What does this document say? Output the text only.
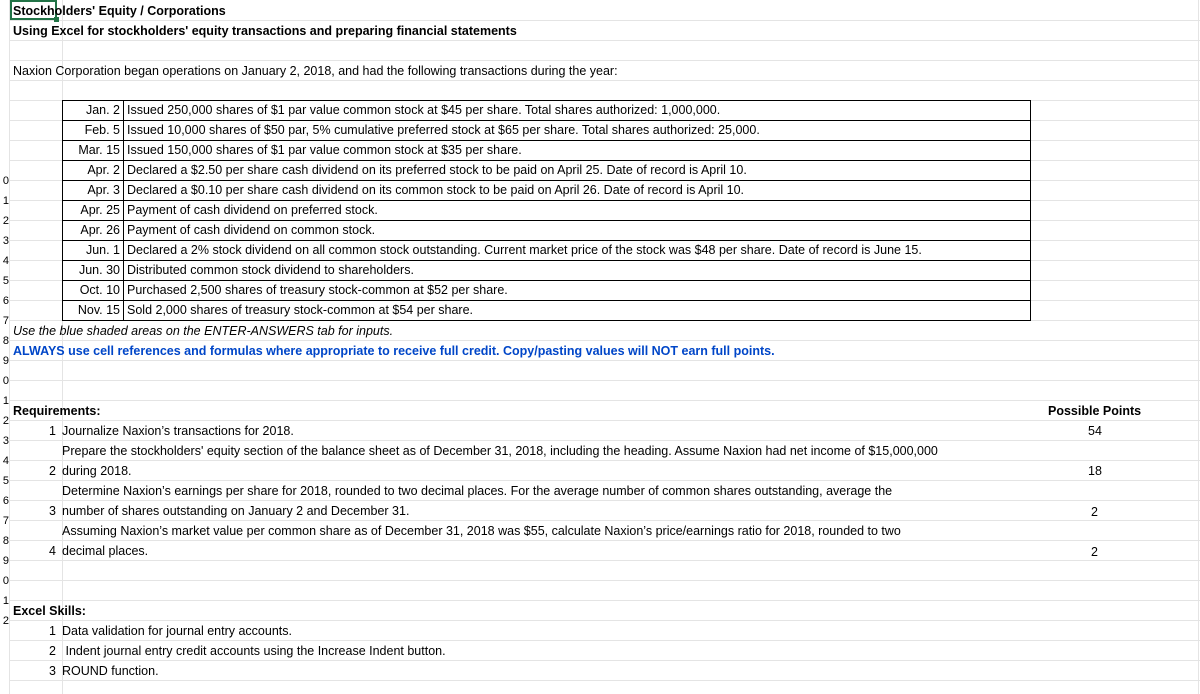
0
1
2
3
4
5
6
7
8
9
0
1
2
3
4
5
6
7
8
9
0
1
2
Stockholders' Equity / Corporations
Using Excel for stockholders' equity transactions and preparing financial statements
Naxion Corporation began operations on January 2, 2018, and had the following transactions during the year:
Jan. 2	Issued 250,000 shares of $1 par value common stock at $45 per share. Total shares authorized: 1,000,000.
Feb. 5	Issued 10,000 shares of $50 par, 5% cumulative preferred stock at $65 per share. Total shares authorized: 25,000.
Mar. 15	Issued 150,000 shares of $1 par value common stock at $35 per share.
Apr. 2	Declared a $2.50 per share cash dividend on its preferred stock to be paid on April 25. Date of record is April 10.
Apr. 3	Declared a $0.10 per share cash dividend on its common stock to be paid on April 26. Date of record is April 10.
Apr. 25	Payment of cash dividend on preferred stock.
Apr. 26	Payment of cash dividend on common stock.
Jun. 1	Declared a 2% stock dividend on all common stock outstanding. Current market price of the stock was $48 per share. Date of record is June 15.
Jun. 30	Distributed common stock dividend to shareholders.
Oct. 10	Purchased 2,500 shares of treasury stock-common at $52 per share.
Nov. 15	Sold 2,000 shares of treasury stock-common at $54 per share.
Use the blue shaded areas on the ENTER-ANSWERS tab for inputs.
ALWAYS use cell references and formulas where appropriate to receive full credit. Copy/pasting values will NOT earn full points.
Requirements:	Possible Points
1 Journalize Naxion’s transactions for 2018.	54
Prepare the stockholders' equity section of the balance sheet as of December 31, 2018, including the heading. Assume Naxion had net income of $15,000,000
2 during 2018.	18
Determine Naxion’s earnings per share for 2018, rounded to two decimal places. For the average number of common shares outstanding, average the
3 number of shares outstanding on January 2 and December 31.	2
Assuming Naxion’s market value per common share as of December 31, 2018 was $55, calculate Naxion’s price/earnings ratio for 2018, rounded to two
4 decimal places.	2
Excel Skills:
1 Data validation for journal entry accounts.
2 Indent journal entry credit accounts using the Increase Indent button.
3 ROUND function.
